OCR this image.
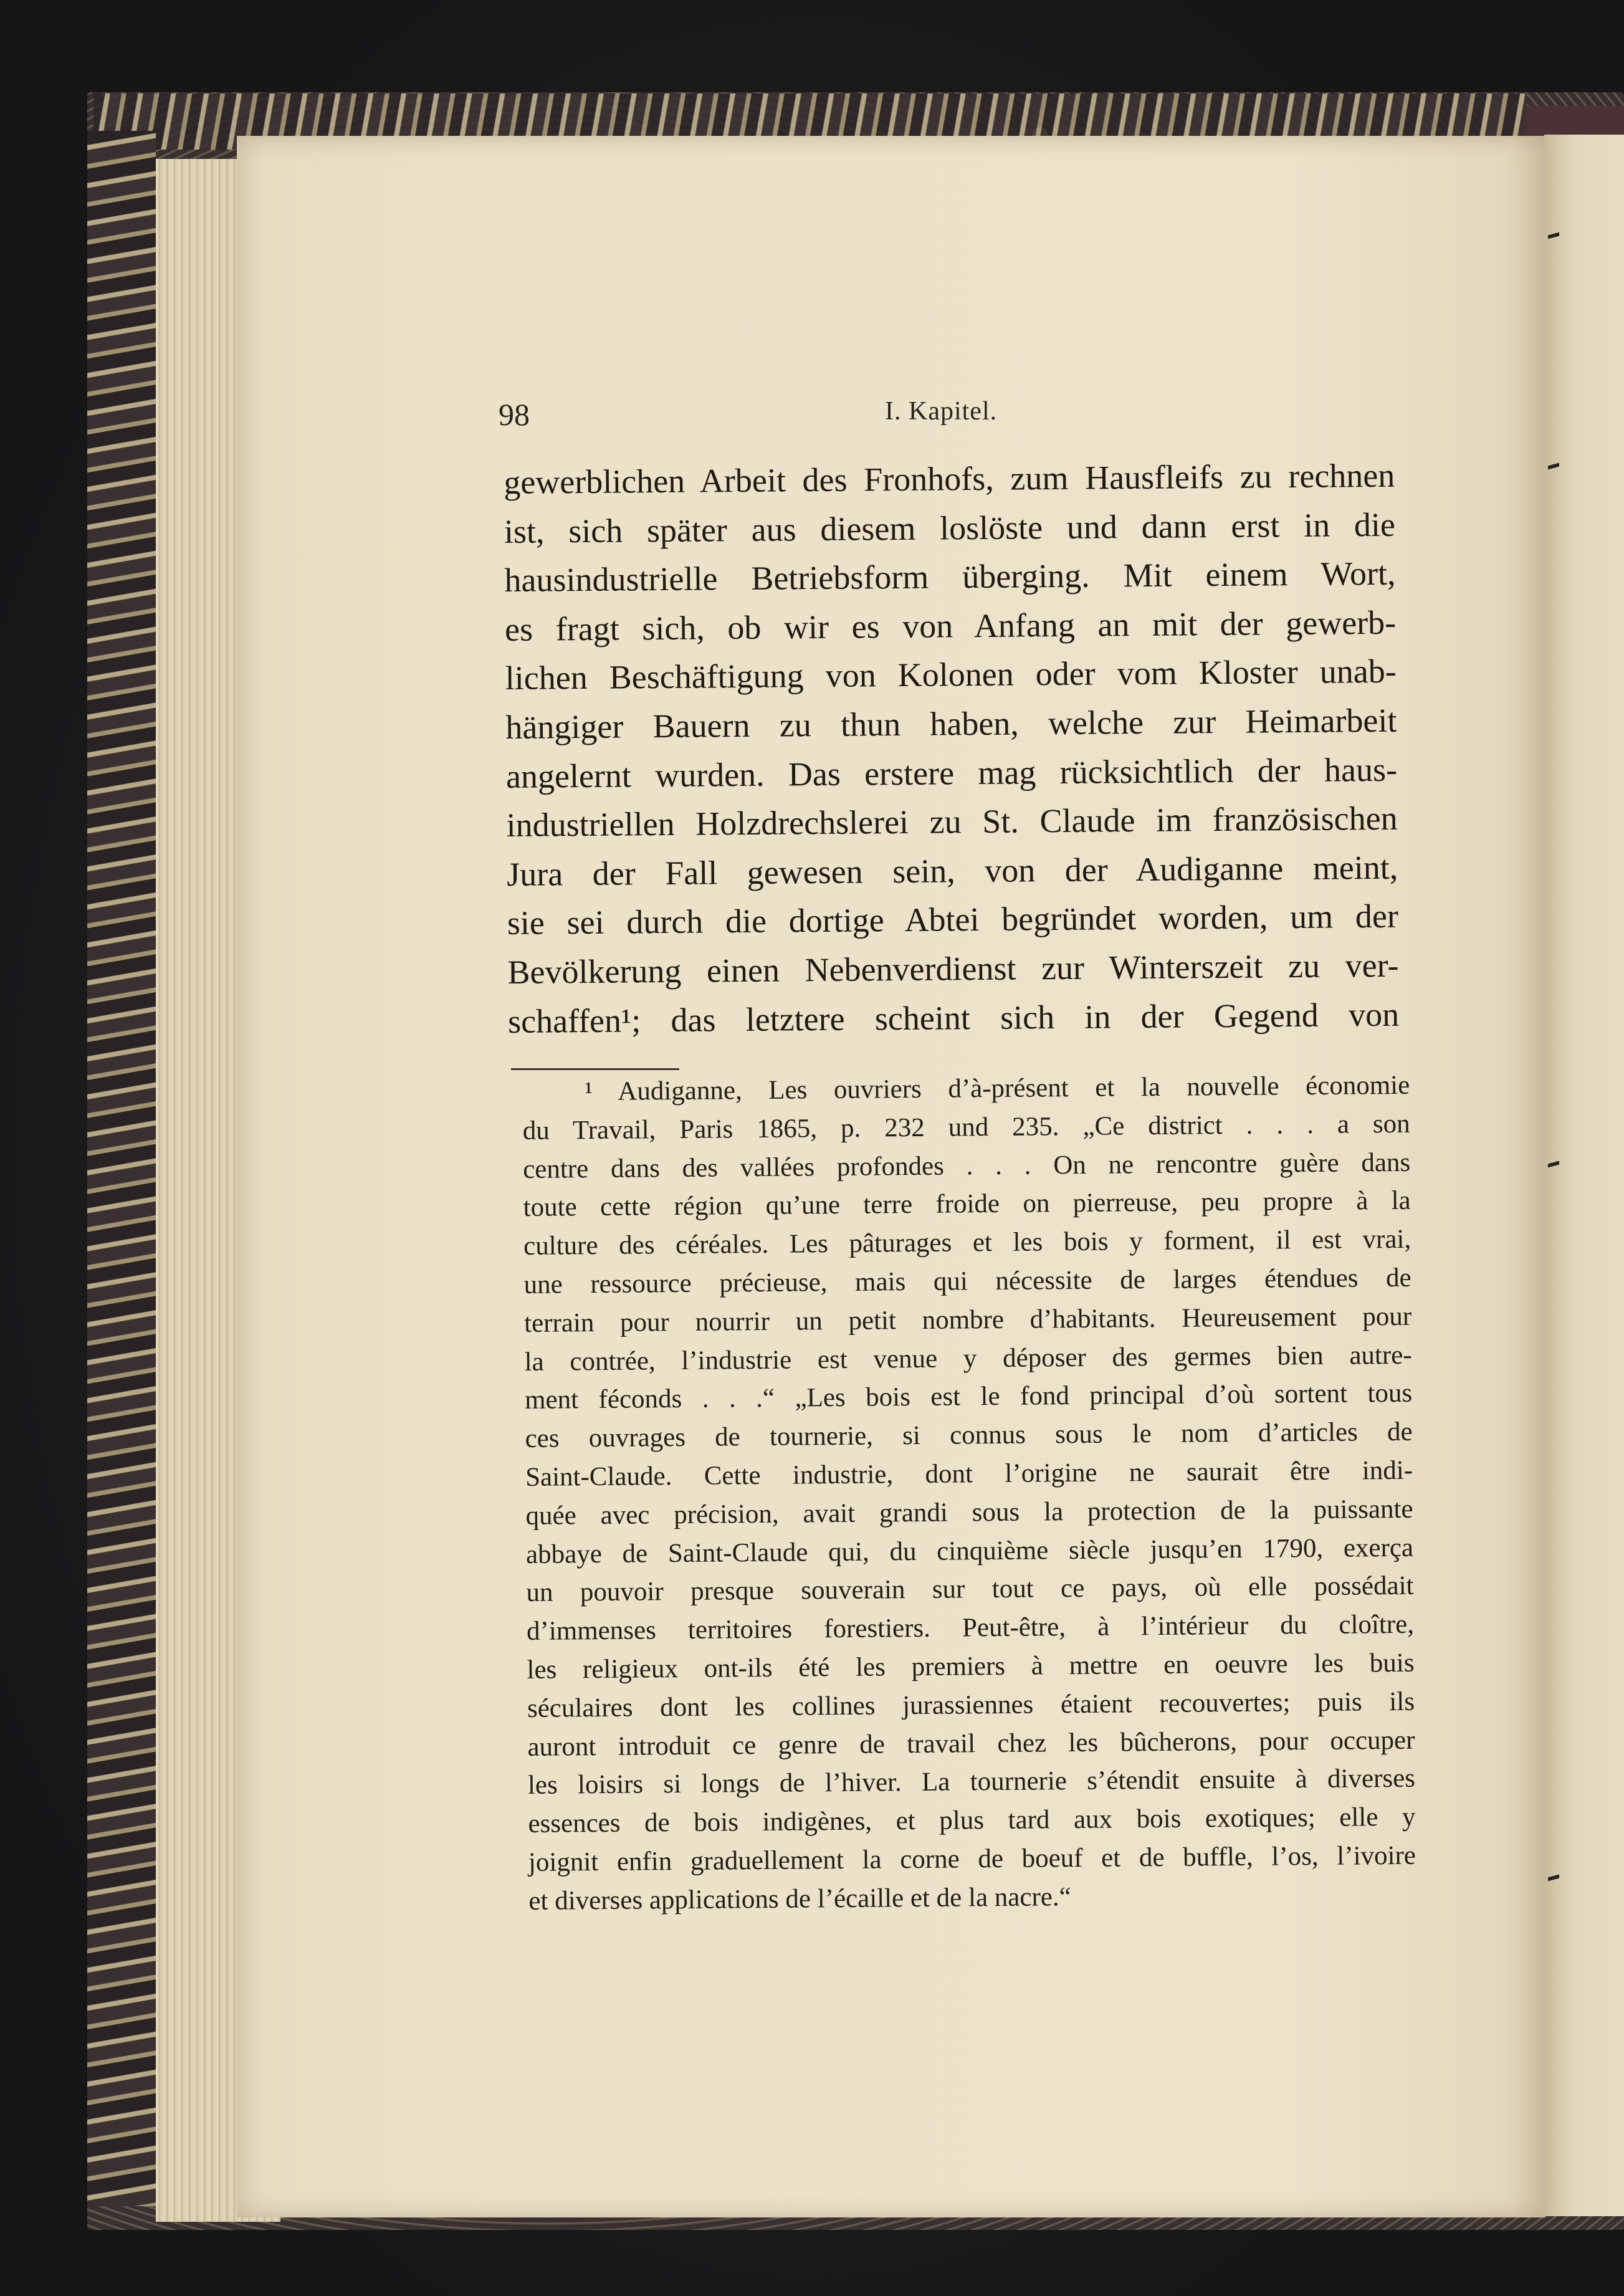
98	I. Kapitel.
gewerblichen Arbeit des Fronhofs, zum Hausfleifs zu rechnen
ist, sich später aus diesem loslöste und dann erst in die
hausindustrielle Betriebsform überging. Mit einem Wort,
es fragt sich, ob wir es von Anfang an mit der gewerb-
lichen Beschäftigung von Kolonen oder vom Kloster unab-
hängiger Bauern zu thun haben, welche zur Heimarbeit
angelernt wurden. Das erstere mag rücksichtlich der haus-
industriellen Holzdrechslerei zu St. Claude im französischen
Jura der Fall gewesen sein, von der Audiganne meint,
sie sei durch die dortige Abtei begründet worden, um der
Bevölkerung einen Nebenverdienst zur Winterszeit zu ver-
schaffen¹; das letztere scheint sich in der Gegend von
¹ Audiganne, Les ouvriers d’à-présent et la nouvelle économie
du Travail, Paris 1865, p. 232 und 235. „Ce district . . . a son
centre dans des vallées profondes . . . On ne rencontre guère dans
toute cette région qu’une terre froide on pierreuse, peu propre à la
culture des céréales. Les pâturages et les bois y forment, il est vrai,
une ressource précieuse, mais qui nécessite de larges étendues de
terrain pour nourrir un petit nombre d’habitants. Heureusement pour
la contrée, l’industrie est venue y déposer des germes bien autre-
ment féconds . . .“ „Les bois est le fond principal d’où sortent tous
ces ouvrages de tournerie, si connus sous le nom d’articles de
Saint-Claude. Cette industrie, dont l’origine ne saurait être indi-
quée avec précision, avait grandi sous la protection de la puissante
abbaye de Saint-Claude qui, du cinquième siècle jusqu’en 1790, exerça
un pouvoir presque souverain sur tout ce pays, où elle possédait
d’immenses territoires forestiers. Peut-être, à l’intérieur du cloître,
les religieux ont-ils été les premiers à mettre en oeuvre les buis
séculaires dont les collines jurassiennes étaient recouvertes; puis ils
auront introduit ce genre de travail chez les bûcherons, pour occuper
les loisirs si longs de l’hiver. La tournerie s’étendit ensuite à diverses
essences de bois indigènes, et plus tard aux bois exotiques; elle y
joignit enfin graduellement la corne de boeuf et de buffle, l’os, l’ivoire
et diverses applications de l’écaille et de la nacre.“
